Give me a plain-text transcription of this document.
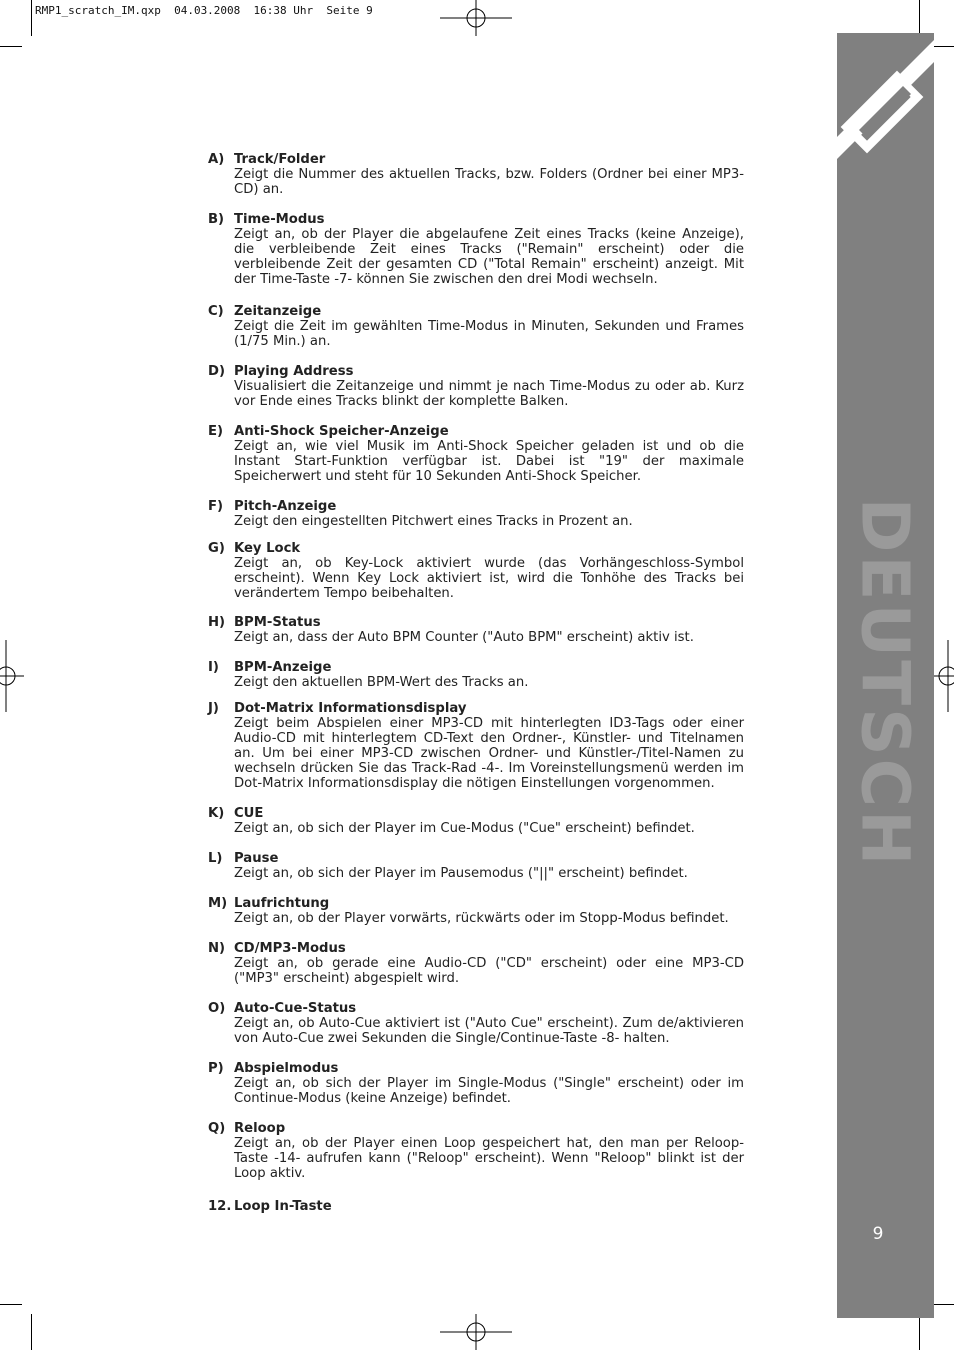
RMP1_scratch_IM.qxp  04.03.2008  16:38 Uhr  Seite 9
DEUTSCH
9
A) Track/Folder
Zeigt die Nummer des aktuellen Tracks, bzw. Folders (Ordner bei einer MP3-CD) an.
B) Time-Modus
Zeigt an, ob der Player die abgelaufene Zeit eines Tracks (keine Anzeige), die verbleibende Zeit eines Tracks ("Remain" erscheint) oder die verbleibende Zeit der gesamten CD ("Total Remain" erscheint) anzeigt. Mit der Time-Taste -7- können Sie zwischen den drei Modi wechseln.
C) Zeitanzeige
Zeigt die Zeit im gewählten Time-Modus in Minuten, Sekunden und Frames (1/75 Min.) an.
D) Playing Address
Visualisiert die Zeitanzeige und nimmt je nach Time-Modus zu oder ab. Kurz vor Ende eines Tracks blinkt der komplette Balken.
E) Anti-Shock Speicher-Anzeige
Zeigt an, wie viel Musik im Anti-Shock Speicher geladen ist und ob die Instant Start-Funktion verfügbar ist. Dabei ist "19" der maximale Speicherwert und steht für 10 Sekunden Anti-Shock Speicher.
F) Pitch-Anzeige
Zeigt den eingestellten Pitchwert eines Tracks in Prozent an.
G) Key Lock
Zeigt an, ob Key-Lock aktiviert wurde (das Vorhängeschloss-Symbol erscheint). Wenn Key Lock aktiviert ist, wird die Tonhöhe des Tracks bei verändertem Tempo beibehalten.
H) BPM-Status
Zeigt an, dass der Auto BPM Counter ("Auto BPM" erscheint) aktiv ist.
I) BPM-Anzeige
Zeigt den aktuellen BPM-Wert des Tracks an.
J) Dot-Matrix Informationsdisplay
Zeigt beim Abspielen einer MP3-CD mit hinterlegten ID3-Tags oder einer Audio-CD mit hinterlegtem CD-Text den Ordner-, Künstler- und Titelnamen an. Um bei einer MP3-CD zwischen Ordner- und Künstler-/Titel-Namen zu wechseln drücken Sie das Track-Rad -4-. Im Voreinstellungsmenü werden im Dot-Matrix Informationsdisplay die nötigen Einstellungen vorgenommen.
K) CUE
Zeigt an, ob sich der Player im Cue-Modus ("Cue" erscheint) befindet.
L) Pause
Zeigt an, ob sich der Player im Pausemodus ("||" erscheint) befindet.
M) Laufrichtung
Zeigt an, ob der Player vorwärts, rückwärts oder im Stopp-Modus befindet.
N) CD/MP3-Modus
Zeigt an, ob gerade eine Audio-CD ("CD" erscheint) oder eine MP3-CD ("MP3" erscheint) abgespielt wird.
O) Auto-Cue-Status
Zeigt an, ob Auto-Cue aktiviert ist ("Auto Cue" erscheint). Zum de/aktivieren von Auto-Cue zwei Sekunden die Single/Continue-Taste -8- halten.
P) Abspielmodus
Zeigt an, ob sich der Player im Single-Modus ("Single" erscheint) oder im Continue-Modus (keine Anzeige) befindet.
Q) Reloop
Zeigt an, ob der Player einen Loop gespeichert hat, den man per Reloop-Taste -14- aufrufen kann ("Reloop" erscheint). Wenn "Reloop" blinkt ist der Loop aktiv.
12. Loop In-Taste
